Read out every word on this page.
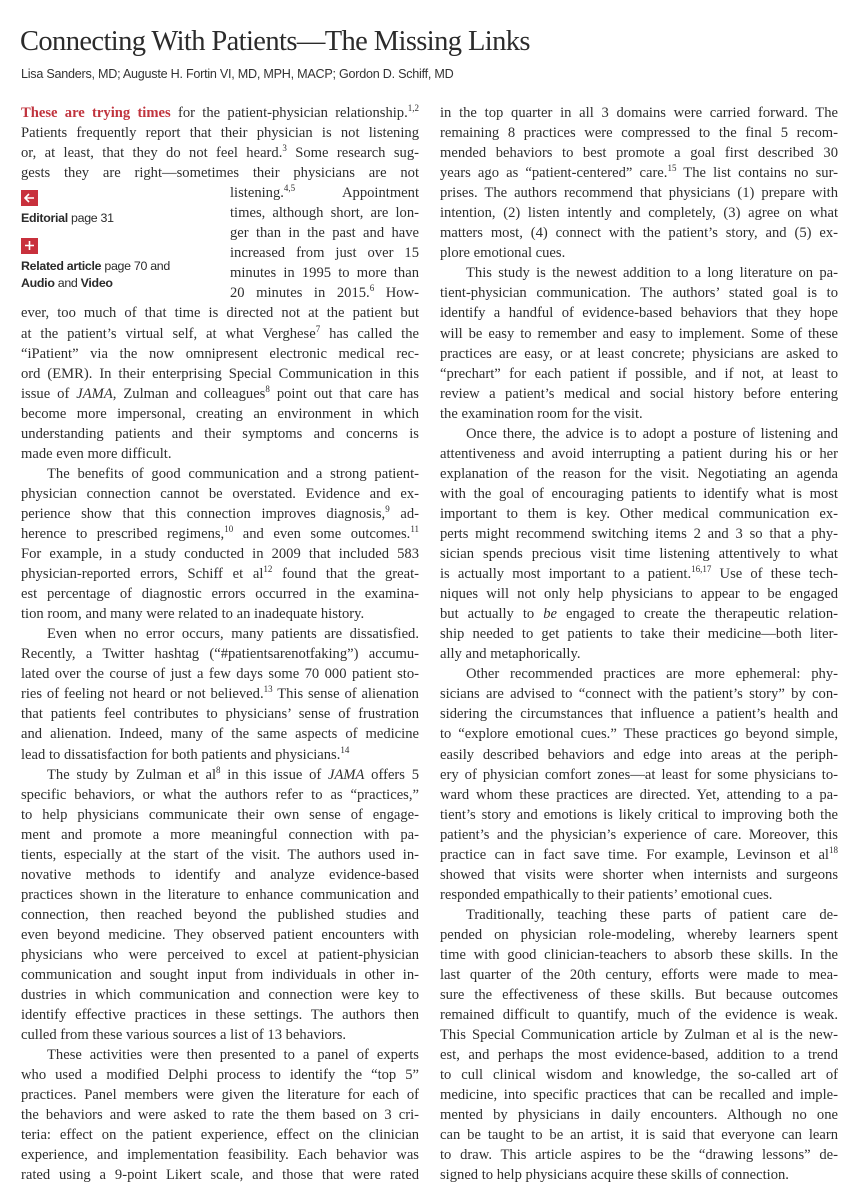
Connecting With Patients—The Missing Links
Lisa Sanders, MD; Auguste H. Fortin VI, MD, MPH, MACP; Gordon D. Schiff, MD
Editorial page 31
Related article page 70 and
Audio and Video
These are trying times for the patient-physician relationship.$^{1,2}$
Patients frequently report that their physician is not listening
or, at least, that they do not feel heard.$^3$ Some research sug-
gests they are right—sometimes their physicians are not
listening.$^{4,5}$ Appointment
times, although short, are lon-
ger than in the past and have
increased from just over 15
minutes in 1995 to more than
20 minutes in 2015.$^6$ How-
ever, too much of that time is directed not at the patient but
at the patient’s virtual self, at what Verghese$^7$ has called the
“iPatient” via the now omnipresent electronic medical rec-
ord (EMR). In their enterprising Special Communication in this
issue of JAMA, Zulman and colleagues$^8$ point out that care has
become more impersonal, creating an environment in which
understanding patients and their symptoms and concerns is
made even more difficult.
The benefits of good communication and a strong patient-
physician connection cannot be overstated. Evidence and ex-
perience show that this connection improves diagnosis,$^9$ ad-
herence to prescribed regimens,$^{10}$ and even some outcomes.$^{11}$
For example, in a study conducted in 2009 that included 583
physician-reported errors, Schiff et $al^{12}$ found that the great-
est percentage of diagnostic errors occurred in the examina-
tion room, and many were related to an inadequate history.
Even when no error occurs, many patients are dissatisfied.
Recently, a Twitter hashtag (“#patientsarenotfaking”) accumu-
lated over the course of just a few days some 70 000 patient sto-
ries of feeling not heard or not believed.$^{13}$ This sense of alienation
that patients feel contributes to physicians’ sense of frustration
and alienation. Indeed, many of the same aspects of medicine
lead to dissatisfaction for both patients and physicians.$^{14}$
The study by Zulman et $al^8$ in this issue of JAMA offers 5
specific behaviors, or what the authors refer to as “practices,”
to help physicians communicate their own sense of engage-
ment and promote a more meaningful connection with pa-
tients, especially at the start of the visit. The authors used in-
novative methods to identify and analyze evidence-based
practices shown in the literature to enhance communication and
connection, then reached beyond the published studies and
even beyond medicine. They observed patient encounters with
physicians who were perceived to excel at patient-physician
communication and sought input from individuals in other in-
dustries in which communication and connection were key to
identify effective practices in these settings. The authors then
culled from these various sources a list of 13 behaviors.
These activities were then presented to a panel of experts
who used a modified Delphi process to identify the “top 5”
practices. Panel members were given the literature for each of
the behaviors and were asked to rate the them based on 3 cri-
teria: effect on the patient experience, effect on the clinician
experience, and implementation feasibility. Each behavior was
rated using a 9-point Likert scale, and those that were rated
in the top quarter in all 3 domains were carried forward. The
remaining 8 practices were compressed to the final 5 recom-
mended behaviors to best promote a goal first described 30
years ago as “patient-centered” care.$^{15}$ The list contains no sur-
prises. The authors recommend that physicians (1) prepare with
intention, (2) listen intently and completely, (3) agree on what
matters most, (4) connect with the patient’s story, and (5) ex-
plore emotional cues.
This study is the newest addition to a long literature on pa-
tient-physician communication. The authors’ stated goal is to
identify a handful of evidence-based behaviors that they hope
will be easy to remember and easy to implement. Some of these
practices are easy, or at least concrete; physicians are asked to
“prechart” for each patient if possible, and if not, at least to
review a patient’s medical and social history before entering
the examination room for the visit.
Once there, the advice is to adopt a posture of listening and
attentiveness and avoid interrupting a patient during his or her
explanation of the reason for the visit. Negotiating an agenda
with the goal of encouraging patients to identify what is most
important to them is key. Other medical communication ex-
perts might recommend switching items 2 and 3 so that a phy-
sician spends precious visit time listening attentively to what
is actually most important to a patient.$^{16,17}$ Use of these tech-
niques will not only help physicians to appear to be engaged
but actually to be engaged to create the therapeutic relation-
ship needed to get patients to take their medicine—both liter-
ally and metaphorically.
Other recommended practices are more ephemeral: phy-
sicians are advised to “connect with the patient’s story” by con-
sidering the circumstances that influence a patient’s health and
to “explore emotional cues.” These practices go beyond simple,
easily described behaviors and edge into areas at the periph-
ery of physician comfort zones—at least for some physicians to-
ward whom these practices are directed. Yet, attending to a pa-
tient’s story and emotions is likely critical to improving both the
patient’s and the physician’s experience of care. Moreover, this
practice can in fact save time. For example, Levinson et $al^{18}$
showed that visits were shorter when internists and surgeons
responded empathically to their patients’ emotional cues.
Traditionally, teaching these parts of patient care de-
pended on physician role-modeling, whereby learners spent
time with good clinician-teachers to absorb these skills. In the
last quarter of the 20th century, efforts were made to mea-
sure the effectiveness of these skills. But because outcomes
remained difficult to quantify, much of the evidence is weak.
This Special Communication article by Zulman et al is the new-
est, and perhaps the most evidence-based, addition to a trend
to cull clinical wisdom and knowledge, the so-called art of
medicine, into specific practices that can be recalled and imple-
mented by physicians in daily encounters. Although no one
can be taught to be an artist, it is said that everyone can learn
to draw. This article aspires to be the “drawing lessons” de-
signed to help physicians acquire these skills of connection.
